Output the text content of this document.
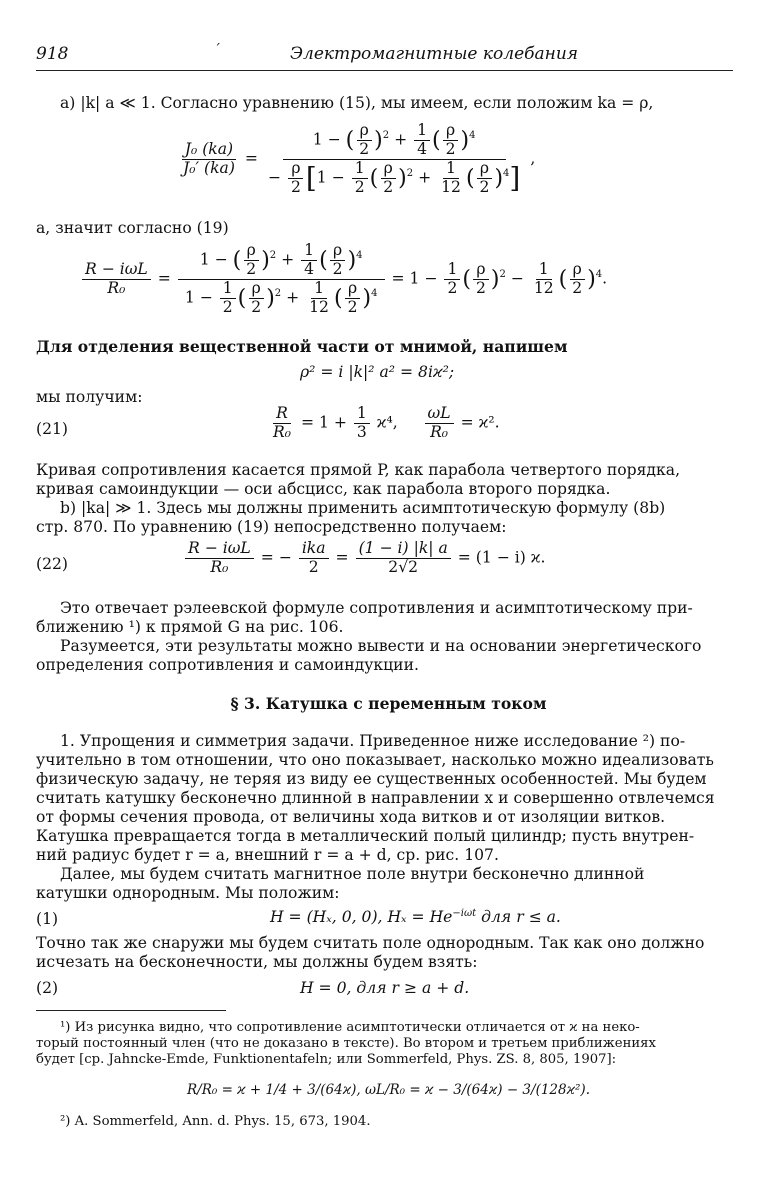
918	ˊ	Электромагнитные колебания
a) |k| a ≪ 1. Согласно уравнению (15), мы имеем, если положим ka = ρ,
$\frac{\text{J₀ (ka)}}{\text{J₀′ (ka)}} = \frac{1 - ( \frac{\rho}{2} )^2 + \frac{1}{4} ( \frac{\rho}{2} )^4}{- \frac{\rho}{2} [1 - \frac{1}{2} ( \frac{\rho}{2} )^2 + \frac{1}{12} ( \frac{\rho}{2} )^4]}$ ,
а, значит согласно (19)
R − iωL
R₀
= $\frac{1 - ( \frac{\rho}{2} )^2 + \frac{1}{4} ( \frac{\rho}{2} )^4}{1 - \frac{1}{2} ( \frac{\rho}{2} )^2 + \frac{1}{12} ( \frac{\rho}{2} )^4} = 1 - \frac{1}{2}$ ( $\frac{\rho}{2} )^2 - \frac{1}{12}$ ( $\frac{\rho}{2} )^4$.
Для отделения вещественной части от мнимой, напишем
ρ² = i |k|² a² = 8iϰ²;
мы получим:
(21)	$\frac{R}{\text{R₀}} = 1 + \frac{1}{3} ϰ^4$, $\frac{\omega L}{\text{R₀}} = ϰ^2$.
Кривая сопротивления касается прямой P, как парабола четвертого порядка,
кривая самоиндукции — оси абсцисс, как парабола второго порядка.
b) |ka| ≫ 1. Здесь мы должны применить асимптотическую формулу (8b)
стр. 870. По уравнению (19) непосредственно получаем:
(22)
R − iωL
R₀
= −
ika
2
= $\frac{(1 - i) |k| a}{2√2} = (1 - i)$ ϰ.
Это отвечает рэлеевской формуле сопротивления и асимптотическому при-
ближению ¹) к прямой G на рис. 106.
Разумеется, эти результаты можно вывести и на основании энергетического
определения сопротивления и самоиндукции.
§ 3. Катушка с переменным током
1. Упрощения и симметрия задачи. Приведенное ниже исследование ²) по-
учительно в том отношении, что оно показывает, насколько можно идеализовать
физическую задачу, не теряя из виду ее существенных особенностей. Мы будем
считать катушку бесконечно длинной в направлении x и совершенно отвлечемся
от формы сечения провода, от величины хода витков и от изоляции витков.
Катушка превращается тогда в металлический полый цилиндр; пусть внутрен-
ний радиус будет r = a, внешний r = a + d, ср. рис. 107.
Далее, мы будем считать магнитное поле внутри бесконечно длинной
катушки однородным. Мы положим:
(1)	H = (Hₓ, 0, 0), $H_x = He^{-i\omega t}$ для r ≤ a.
Точно так же снаружи мы будем считать поле однородным. Так как оно должно
исчезать на бесконечности, мы должны будем взять:
(2)	H = 0, для r ≥ a + d.
¹) Из рисунка видно, что сопротивление асимптотически отличается от ϰ на неко-
торый постоянный член (что не доказано в тексте). Во втором и третьем приближениях
будет [ср. Jahncke-Emde, Funktionentafeln; или Sommerfeld, Phys. ZS. 8, 805, 1907]:
R/R₀ = ϰ + 1/4 + 3/(64ϰ), ωL/R₀ = ϰ − 3/(64ϰ) − 3/(128ϰ²).
²) A. Sommerfeld, Ann. d. Phys. 15, 673, 1904.
